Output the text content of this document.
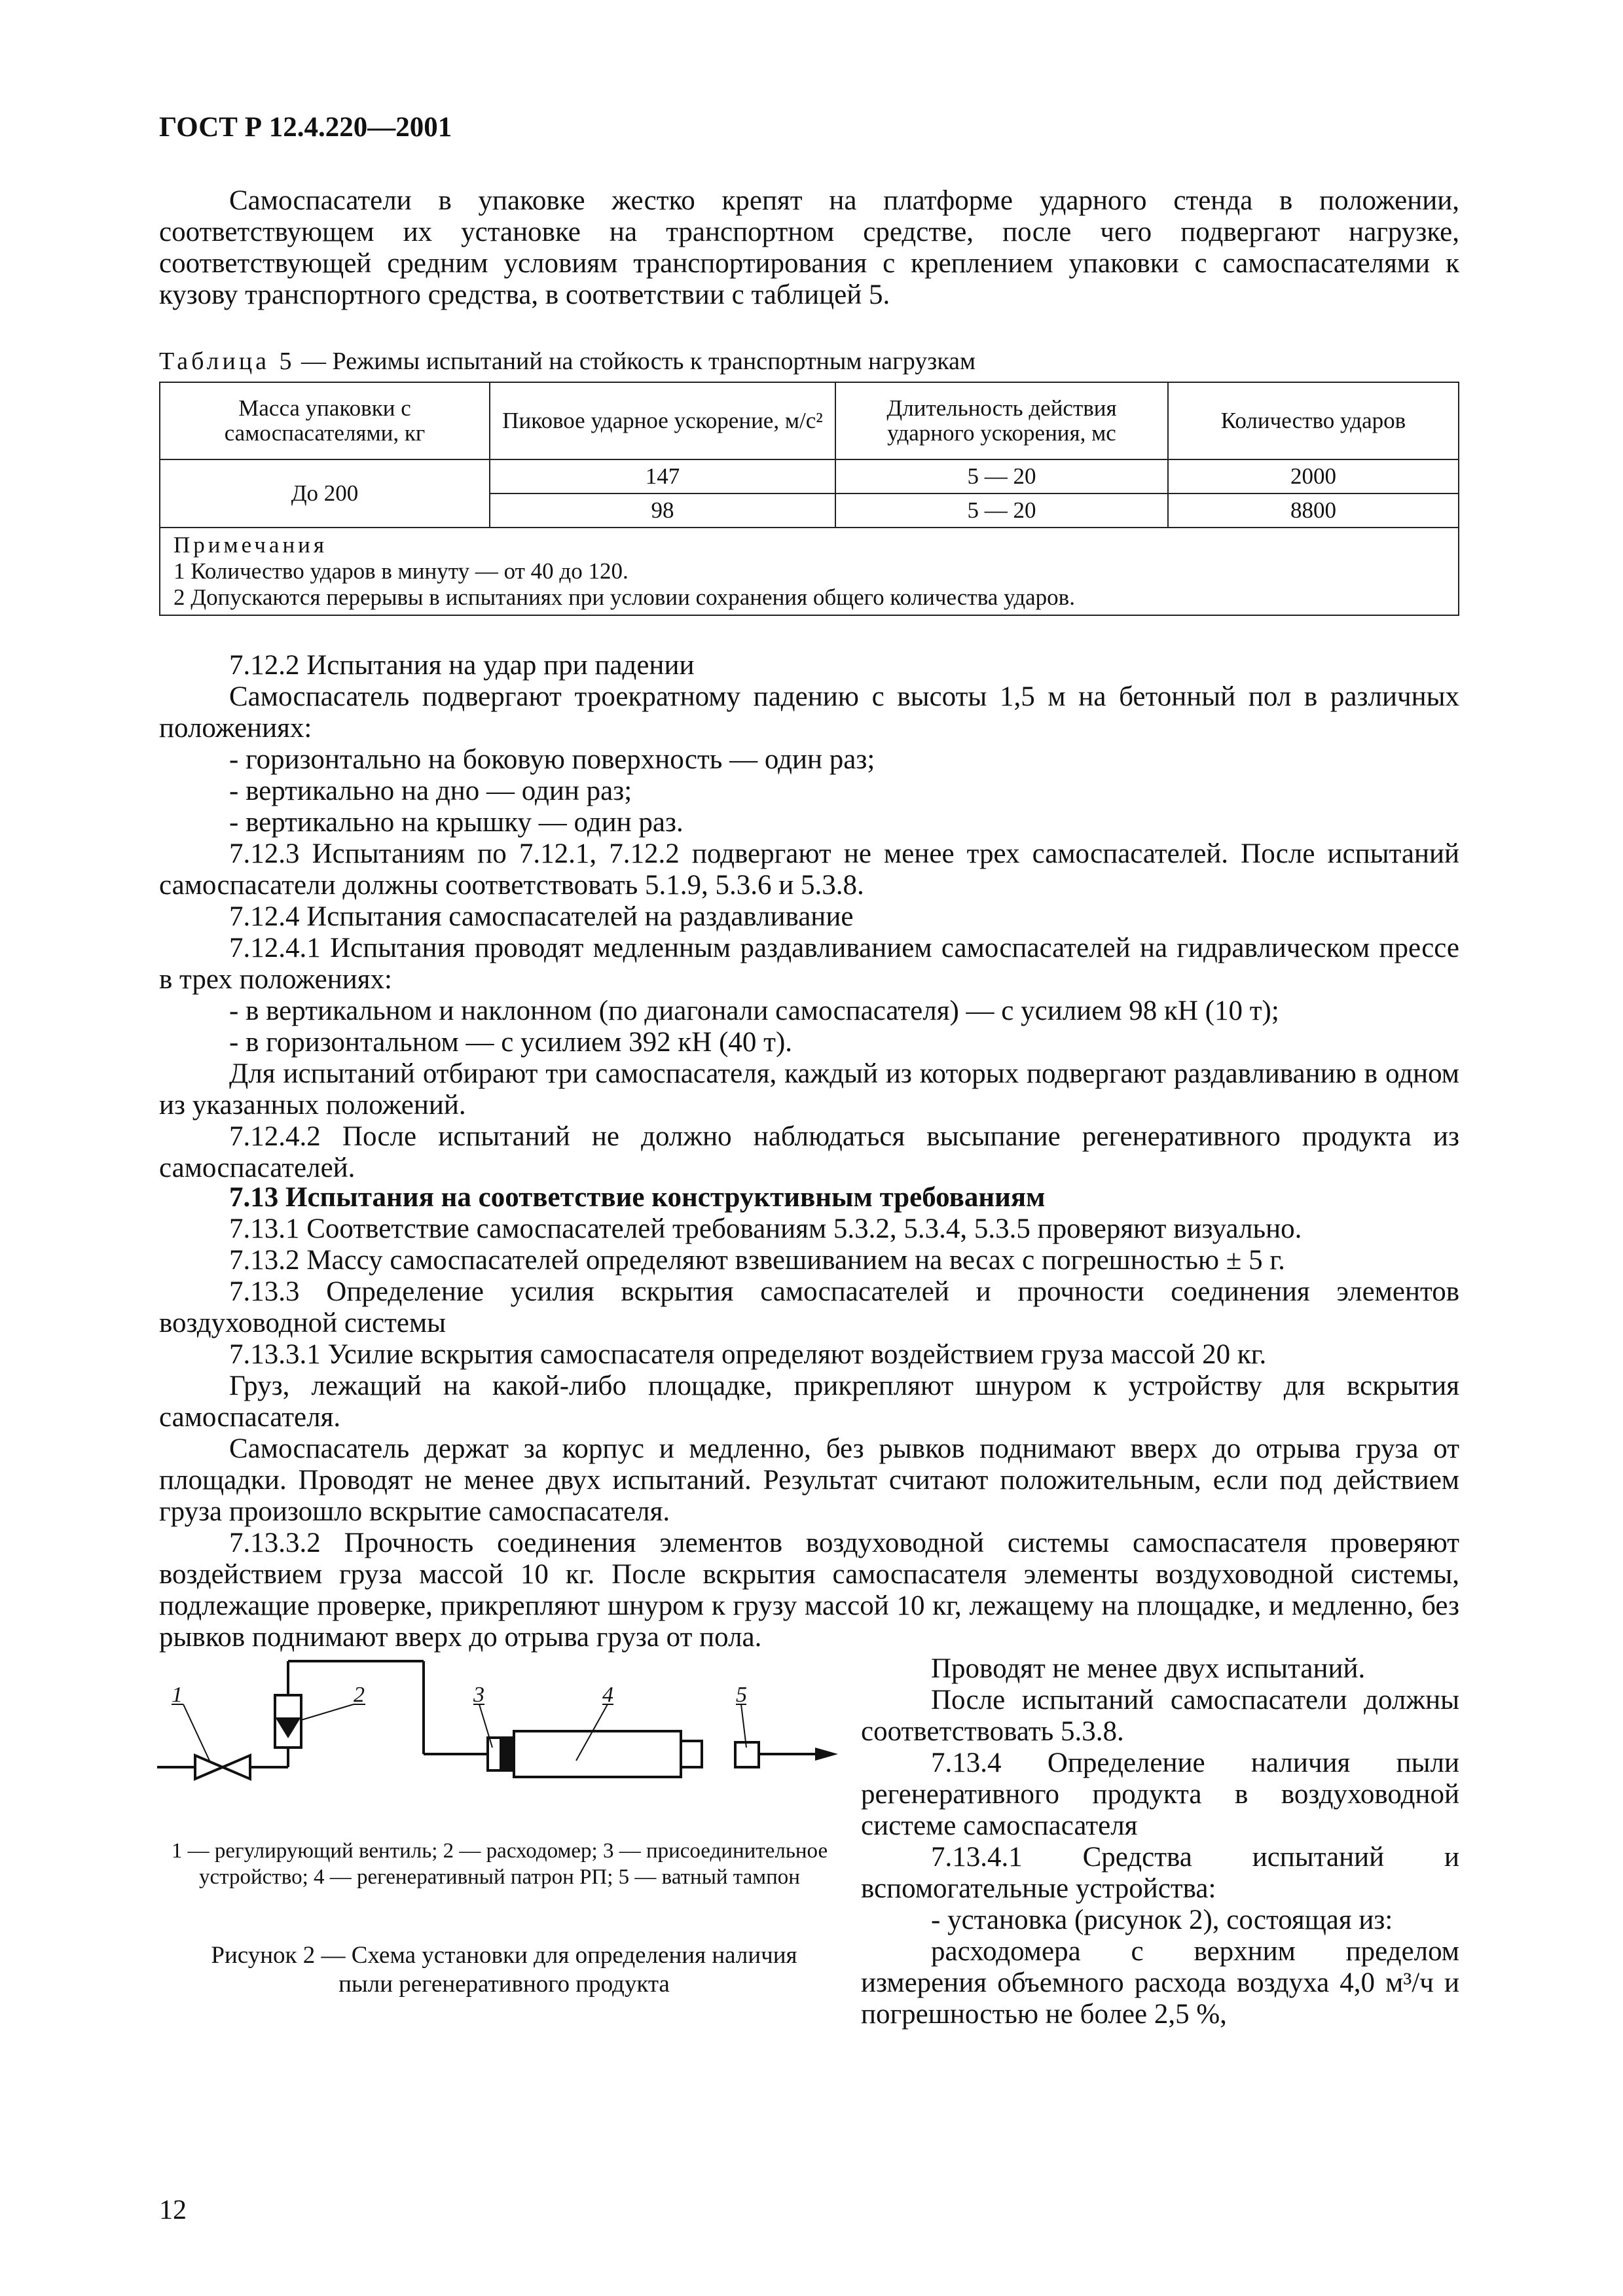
ГОСТ Р 12.4.220—2001
Самоспасатели в упаковке жестко крепят на платформе ударного стенда в положении, соответствующем их установке на транспортном средстве, после чего подвергают нагрузке, соответствующей средним условиям транспортирования с креплением упаковки с самоспасателями к кузову транспортного средства, в соответствии с таблицей 5.
Таблица 5 — Режимы испытаний на стойкость к транспортным нагрузкам
Масса упаковки с самоспасателями, кг	Пиковое ударное ускорение, м/с²	Длительность действия ударного ускорения, мс	Количество ударов
До 200	147	5 — 20	2000
	98	5 — 20	8800

Примечания
1 Количество ударов в минуту — от 40 до 120.
2 Допускаются перерывы в испытаниях при условии сохранения общего количества ударов.			
7.12.2 Испытания на удар при падении
Самоспасатель подвергают троекратному падению с высоты 1,5 м на бетонный пол в различных положениях:
- горизонтально на боковую поверхность — один раз;
- вертикально на дно — один раз;
- вертикально на крышку — один раз.
7.12.3 Испытаниям по 7.12.1, 7.12.2 подвергают не менее трех самоспасателей. После испытаний самоспасатели должны соответствовать 5.1.9, 5.3.6 и 5.3.8.
7.12.4 Испытания самоспасателей на раздавливание
7.12.4.1 Испытания проводят медленным раздавливанием самоспасателей на гидравлическом прессе в трех положениях:
- в вертикальном и наклонном (по диагонали самоспасателя) — с усилием 98 кН (10 т);
- в горизонтальном — с усилием 392 кН (40 т).
Для испытаний отбирают три самоспасателя, каждый из которых подвергают раздавливанию в одном из указанных положений.
7.12.4.2 После испытаний не должно наблюдаться высыпание регенеративного продукта из самоспасателей.
7.13 Испытания на соответствие конструктивным требованиям
7.13.1 Соответствие самоспасателей требованиям 5.3.2, 5.3.4, 5.3.5 проверяют визуально.
7.13.2 Массу самоспасателей определяют взвешиванием на весах с погрешностью ± 5 г.
7.13.3 Определение усилия вскрытия самоспасателей и прочности соединения элементов воздуховодной системы
7.13.3.1 Усилие вскрытия самоспасателя определяют воздействием груза массой 20 кг.
Груз, лежащий на какой-либо площадке, прикрепляют шнуром к устройству для вскрытия самоспасателя.
Самоспасатель держат за корпус и медленно, без рывков поднимают вверх до отрыва груза от площадки. Проводят не менее двух испытаний. Результат считают положительным, если под действием груза произошло вскрытие самоспасателя.
7.13.3.2 Прочность соединения элементов воздуховодной системы самоспасателя проверяют воздействием груза массой 10 кг. После вскрытия самоспасателя элементы воздуховодной системы, подлежащие проверке, прикрепляют шнуром к грузу массой 10 кг, лежащему на площадке, и медленно, без рывков поднимают вверх до отрыва груза от пола.
Проводят не менее двух испытаний.
После испытаний самоспасатели должны соответствовать 5.3.8.
7.13.4 Определение наличия пыли регенеративного продукта в воздуховодной системе самоспасателя
7.13.4.1 Средства испытаний и вспомогательные устройства:
- установка (рисунок 2), состоящая из:
расходомера с верхним пределом измерения объемного расхода воздуха 4,0 м³/ч и погрешностью не более 2,5 %,
1	2	3	4	5
1 — регулирующий вентиль; 2 — расходомер; 3 — присоединительное устройство; 4 — регенеративный патрон РП; 5 — ватный тампон
Рисунок 2 — Схема установки для определения наличия пыли регенеративного продукта
12
